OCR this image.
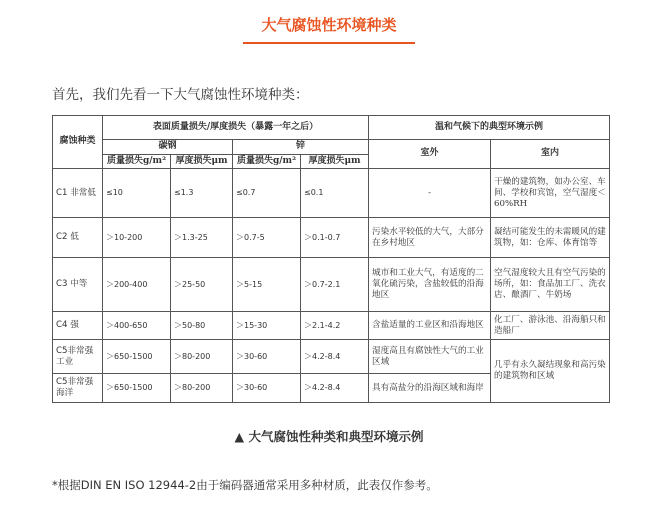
大气腐蚀性环境种类
首先，我们先看一下大气腐蚀性环境种类：
腐蚀种类	表面质量损失/厚度损失（暴露一年之后）				温和气候下的典型环境示例	
	碳钢		锌		室外	室内
	质量损失g/m²	厚度损失μm	质量损失g/m²	厚度损失μm		
C1 非常低	≤10	≤1.3	≤0.7	≤0.1	-	干燥的建筑物，如办公室、车间、学校和宾馆，空气湿度＜60%RH
C2 低	＞10-200	＞1.3-25	＞0.7-5	＞0.1-0.7	污染水平较低的大气，大部分在乡村地区	凝结可能发生的未需暖风的建筑物，如：仓库、体育馆等
C3 中等	＞200-400	＞25-50	＞5-15	＞0.7-2.1	城市和工业大气，有适度的二氧化硫污染，含盐较低的沿海地区	空气湿度较大且有空气污染的场所，如：食品加工厂、洗衣店、酿酒厂、牛奶场
C4 强	＞400-650	＞50-80	＞15-30	＞2.1-4.2	含盐适量的工业区和沿海地区	化工厂、游泳池、沿海船只和造船厂
C5非常强工业	＞650-1500	＞80-200	＞30-60	＞4.2-8.4	湿度高且有腐蚀性大气的工业区域	几乎有永久凝结现象和高污染的建筑物和区域
C5非常强海洋	＞650-1500	＞80-200	＞30-60	＞4.2-8.4	具有高盐分的沿海区域和海岸	
▲ 大气腐蚀性种类和典型环境示例
*根据DIN EN ISO 12944-2由于编码器通常采用多种材质，此表仅作参考。
